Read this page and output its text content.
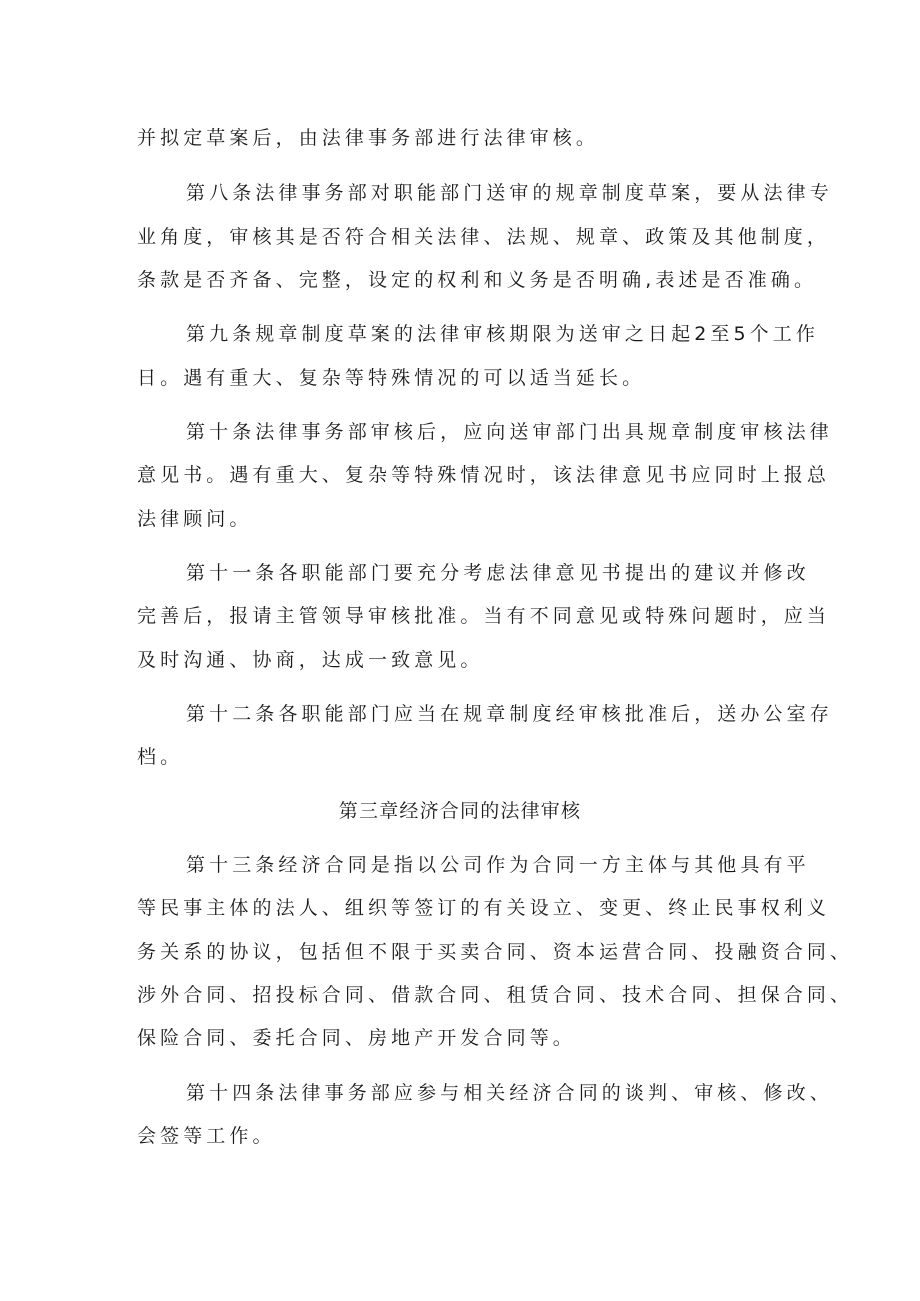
并拟定草案后，由法律事务部进行法律审核。
第八条法律事务部对职能部门送审的规章制度草案，要从法律专
业角度，审核其是否符合相关法律、法规、规章、政策及其他制度，
条款是否齐备、完整，设定的权利和义务是否明确,表述是否准确。
第九条规章制度草案的法律审核期限为送审之日起2至5个工作
日。遇有重大、复杂等特殊情况的可以适当延长。
第十条法律事务部审核后，应向送审部门出具规章制度审核法律
意见书。遇有重大、复杂等特殊情况时，该法律意见书应同时上报总
法律顾问。
第十一条各职能部门要充分考虑法律意见书提出的建议并修改
完善后，报请主管领导审核批准。当有不同意见或特殊问题时，应当
及时沟通、协商，达成一致意见。
第十二条各职能部门应当在规章制度经审核批准后，送办公室存
档。
第三章经济合同的法律审核
第十三条经济合同是指以公司作为合同一方主体与其他具有平
等民事主体的法人、组织等签订的有关设立、变更、终止民事权利义
务关系的协议，包括但不限于买卖合同、资本运营合同、投融资合同、
涉外合同、招投标合同、借款合同、租赁合同、技术合同、担保合同、
保险合同、委托合同、房地产开发合同等。
第十四条法律事务部应参与相关经济合同的谈判、审核、修改、
会签等工作。
